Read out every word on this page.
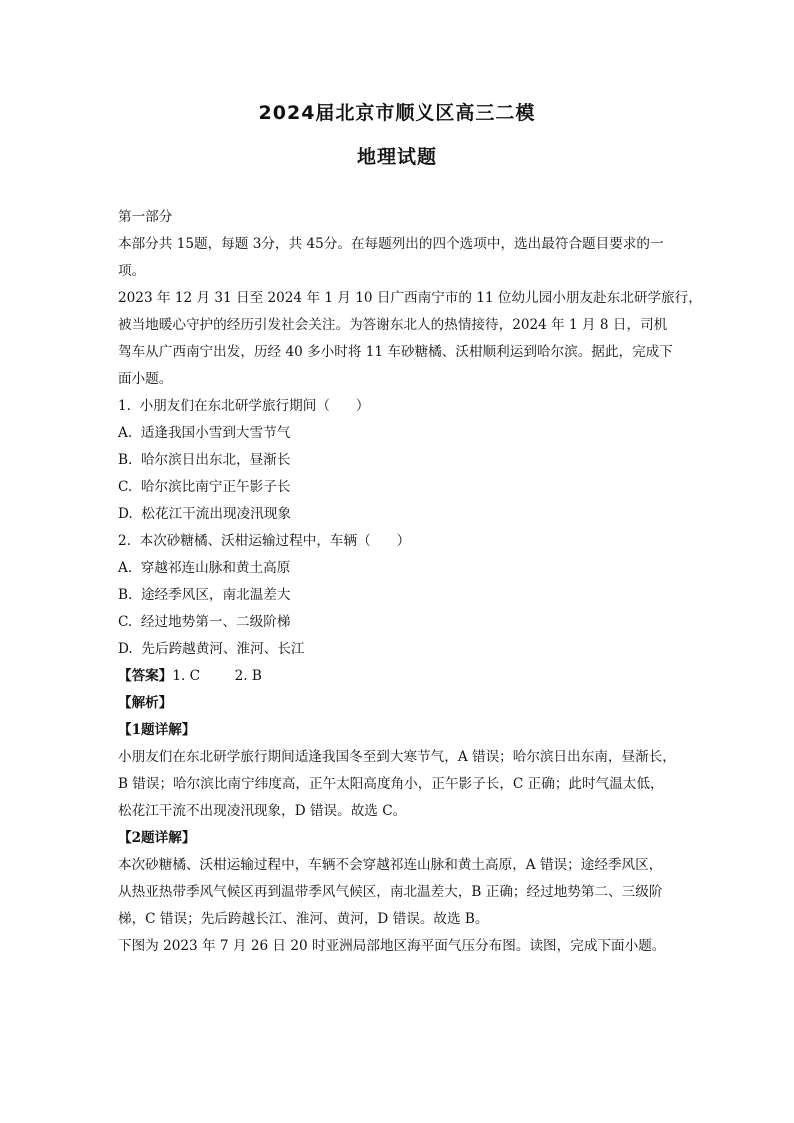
2024届北京市顺义区高三二模
地理试题

第一部分

本部分共 15题，每题 3分，共 45分。在每题列出的四个选项中，选出最符合题目要求的一

项。

2023 年 12 月 31 日至 2024 年 1 月 10 日广西南宁市的 11 位幼儿园小朋友赴东北研学旅行，

被当地暖心守护的经历引发社会关注。为答谢东北人的热情接待，2024 年 1 月 8 日，司机

驾车从广西南宁出发，历经 40 多小时将 11 车砂糖橘、沃柑顺利运到哈尔滨。据此，完成下

面小题。

1.  小朋友们在东北研学旅行期间（      ）

A.  适逢我国小雪到大雪节气

B.  哈尔滨日出东北，昼渐长

C.  哈尔滨比南宁正午影子长

D.  松花江干流出现凌汛现象

2.  本次砂糖橘、沃柑运输过程中，车辆（      ）

A.  穿越祁连山脉和黄土高原

B.  途经季风区，南北温差大

C.  经过地势第一、二级阶梯

D.  先后跨越黄河、淮河、长江

【答案】1. C        2. B

【解析】

【1题详解】

小朋友们在东北研学旅行期间适逢我国冬至到大寒节气，A 错误；哈尔滨日出东南，昼渐长，

B 错误；哈尔滨比南宁纬度高，正午太阳高度角小，正午影子长，C 正确；此时气温太低，

松花江干流不出现凌汛现象，D 错误。故选 C。

【2题详解】

本次砂糖橘、沃柑运输过程中，车辆不会穿越祁连山脉和黄土高原，A 错误；途经季风区，

从热亚热带季风气候区再到温带季风气候区，南北温差大，B 正确；经过地势第二、三级阶

梯，C 错误；先后跨越长江、淮河、黄河，D 错误。故选 B。

下图为 2023 年 7 月 26 日 20 时亚洲局部地区海平面气压分布图。读图，完成下面小题。
